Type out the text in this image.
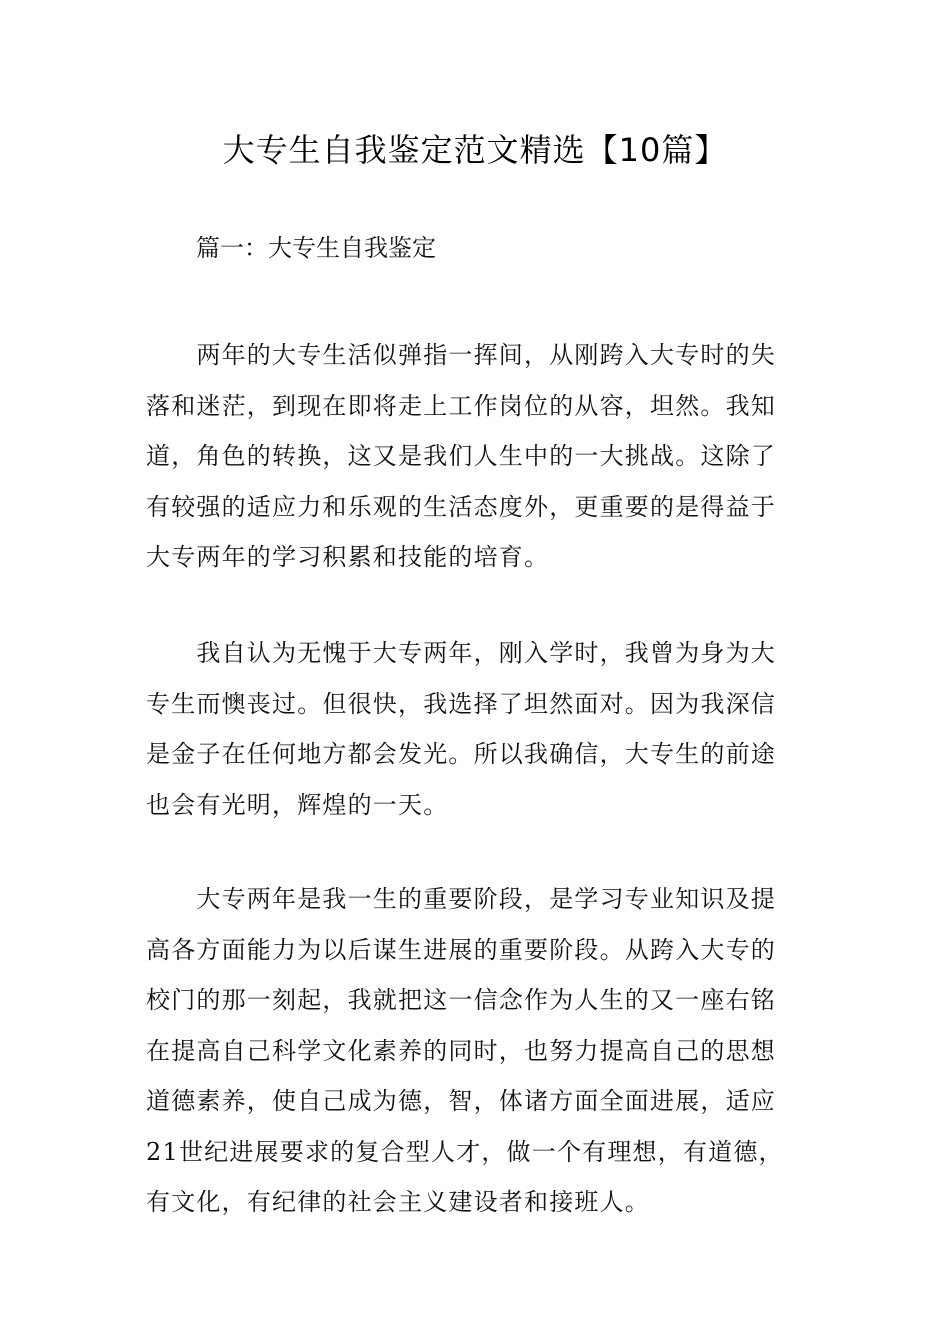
大专生自我鉴定范文精选【10篇】
篇一：大专生自我鉴定

　　两年的大专生活似弹指一挥间，从刚跨入大专时的失
落和迷茫，到现在即将走上工作岗位的从容，坦然。我知
道，角色的转换，这又是我们人生中的一大挑战。这除了
有较强的适应力和乐观的生活态度外，更重要的是得益于
大专两年的学习积累和技能的培育。

　　我自认为无愧于大专两年，刚入学时，我曾为身为大
专生而懊丧过。但很快，我选择了坦然面对。因为我深信
是金子在任何地方都会发光。所以我确信，大专生的前途
也会有光明，辉煌的一天。

　　大专两年是我一生的重要阶段，是学习专业知识及提
高各方面能力为以后谋生进展的重要阶段。从跨入大专的
校门的那一刻起，我就把这一信念作为人生的又一座右铭
在提高自己科学文化素养的同时，也努力提高自己的思想
道德素养，使自己成为德，智，体诸方面全面进展，适应
21世纪进展要求的复合型人才，做一个有理想，有道德，
有文化，有纪律的社会主义建设者和接班人。
